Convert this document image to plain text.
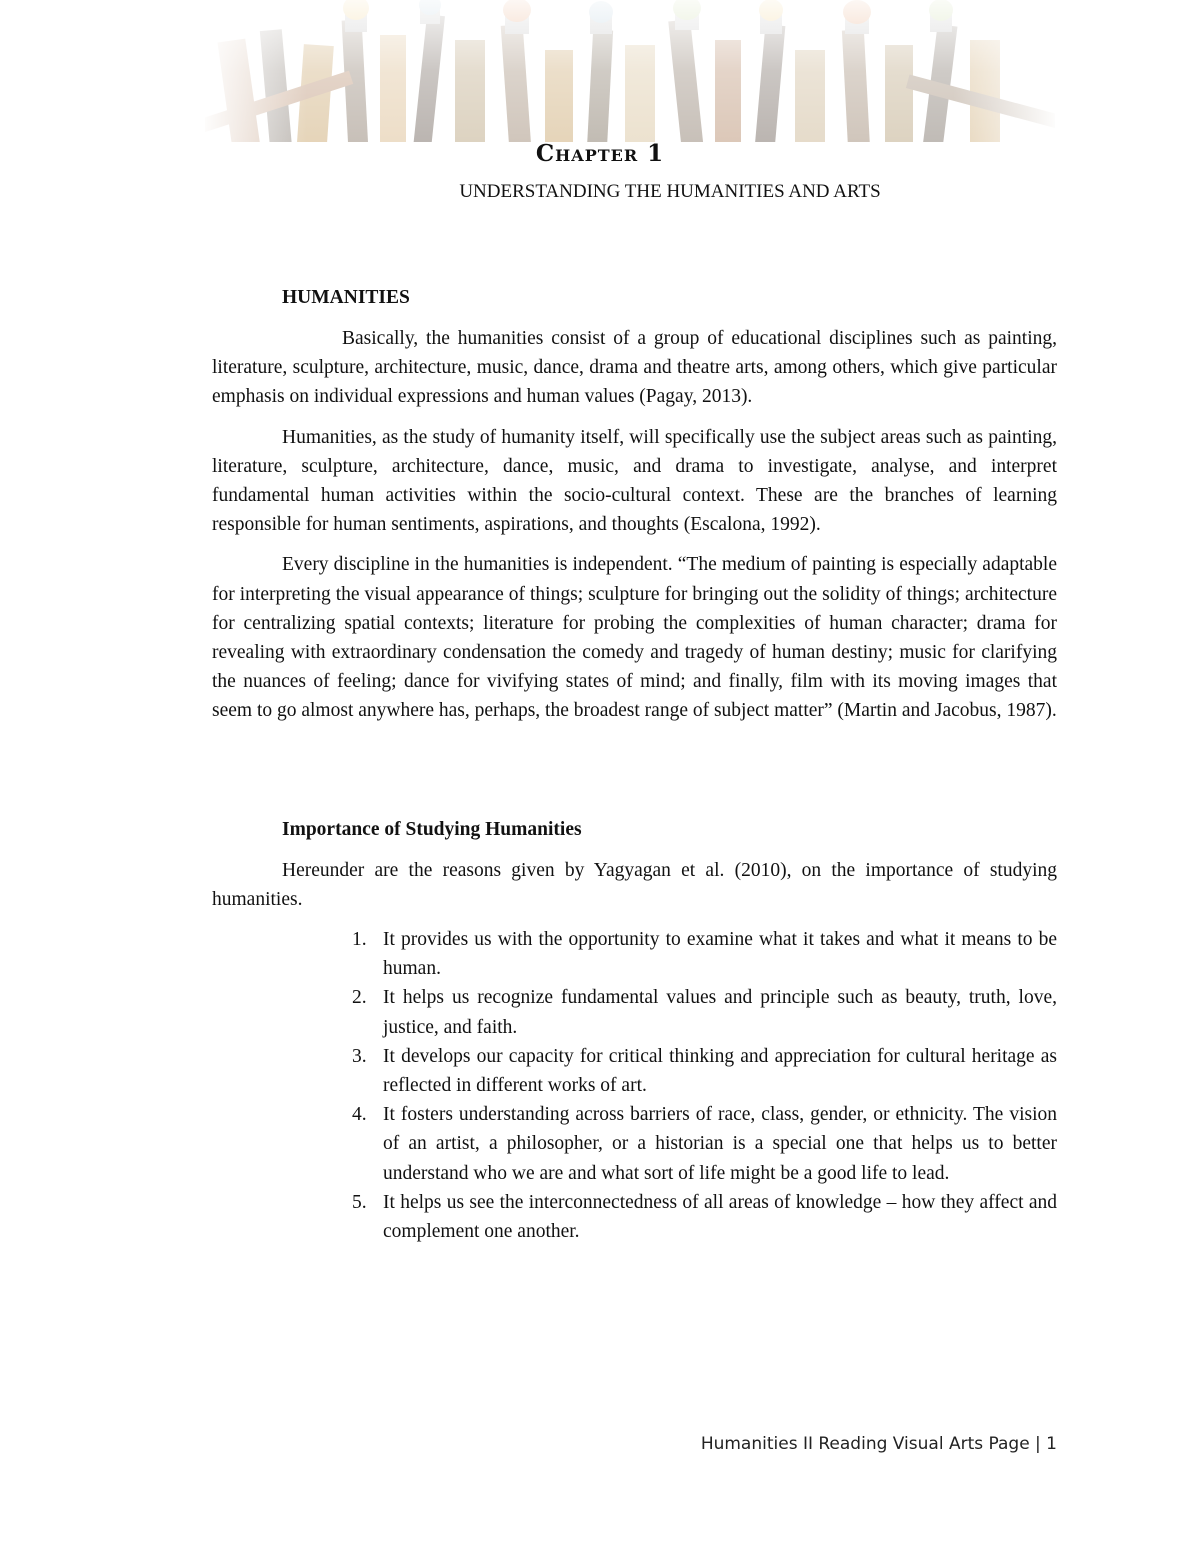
Chapter 1
UNDERSTANDING THE HUMANITIES AND ARTS
HUMANITIES

Basically, the humanities consist of a group of educational disciplines such as painting, literature, sculpture, architecture, music, dance, drama and theatre arts, among others, which give particular emphasis on individual expressions and human values (Pagay, 2013).

Humanities, as the study of humanity itself, will specifically use the subject areas such as painting, literature, sculpture, architecture, dance, music, and drama to investigate, analyse, and interpret fundamental human activities within the socio-cultural context. These are the branches of learning responsible for human sentiments, aspirations, and thoughts (Escalona, 1992).

Every discipline in the humanities is independent. “The medium of painting is especially adaptable for interpreting the visual appearance of things; sculpture for bringing out the solidity of things; architecture for centralizing spatial contexts; literature for probing the complexities of human character; drama for revealing with extraordinary condensation the comedy and tragedy of human destiny; music for clarifying the nuances of feeling; dance for vivifying states of mind; and finally, film with its moving images that seem to go almost anywhere has, perhaps, the broadest range of subject matter” (Martin and Jacobus, 1987).

Importance of Studying Humanities

Hereunder are the reasons given by Yagyagan et al. (2010), on the importance of studying humanities.

1. It provides us with the opportunity to examine what it takes and what it means to be human.
2. It helps us recognize fundamental values and principle such as beauty, truth, love, justice, and faith.
3. It develops our capacity for critical thinking and appreciation for cultural heritage as reflected in different works of art.
4. It fosters understanding across barriers of race, class, gender, or ethnicity. The vision of an artist, a philosopher, or a historian is a special one that helps us to better understand who we are and what sort of life might be a good life to lead.
5. It helps us see the interconnectedness of all areas of knowledge – how they affect and complement one another.
Humanities II Reading Visual Arts Page | 1
